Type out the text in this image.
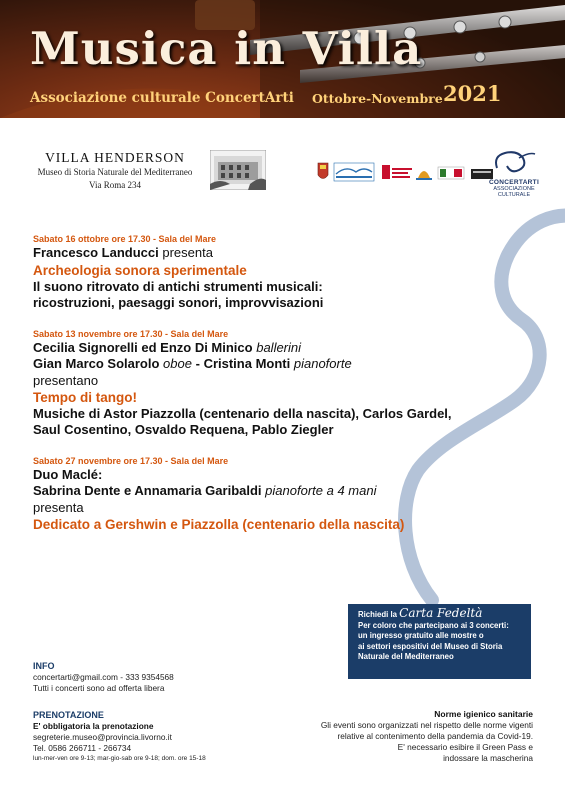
Musica in Villa
Associazione culturale ConcertArti Ottobre-Novembre 2021
VILLA HENDERSON
Museo di Storia Naturale del Mediterraneo
Via Roma 234	CONCERTARTI
ASSOCIAZIONE
CULTURALE
Sabato 16 ottobre ore 17.30 - Sala del Mare
Francesco Landucci presenta
Archeologia sonora sperimentale
Il suono ritrovato di antichi strumenti musicali:
ricostruzioni, paesaggi sonori, improvvisazioni
Sabato 13 novembre ore 17.30 - Sala del Mare
Cecilia Signorelli ed Enzo Di Minico ballerini
Gian Marco Solarolo oboe - Cristina Monti pianoforte
presentano
Tempo di tango!
Musiche di Astor Piazzolla (centenario della nascita), Carlos Gardel,
Saul Cosentino, Osvaldo Requena, Pablo Ziegler
Sabato 27 novembre ore 17.30 - Sala del Mare
Duo Maclé:
Sabrina Dente e Annamaria Garibaldi pianoforte a 4 mani
presenta
Dedicato a Gershwin e Piazzolla (centenario della nascita)
Richiedi la Carta Fedeltà
Per coloro che partecipano ai 3 concerti:
un ingresso gratuito alle mostre o
ai settori espositivi del Museo di Storia
Naturale del Mediterraneo
INFO
concertarti@gmail.com - 333 9354568
Tutti i concerti sono ad offerta libera
PRENOTAZIONE
E' obbligatoria la prenotazione
segreterie.museo@provincia.livorno.it
Tel. 0586 266711 - 266734
lun-mer-ven ore 9-13; mar-gio-sab ore 9-18; dom. ore 15-18
Norme igienico sanitarie
Gli eventi sono organizzati nel rispetto delle norme vigenti
relative al contenimento della pandemia da Covid-19.
E' necessario esibire il Green Pass e
indossare la mascherina
